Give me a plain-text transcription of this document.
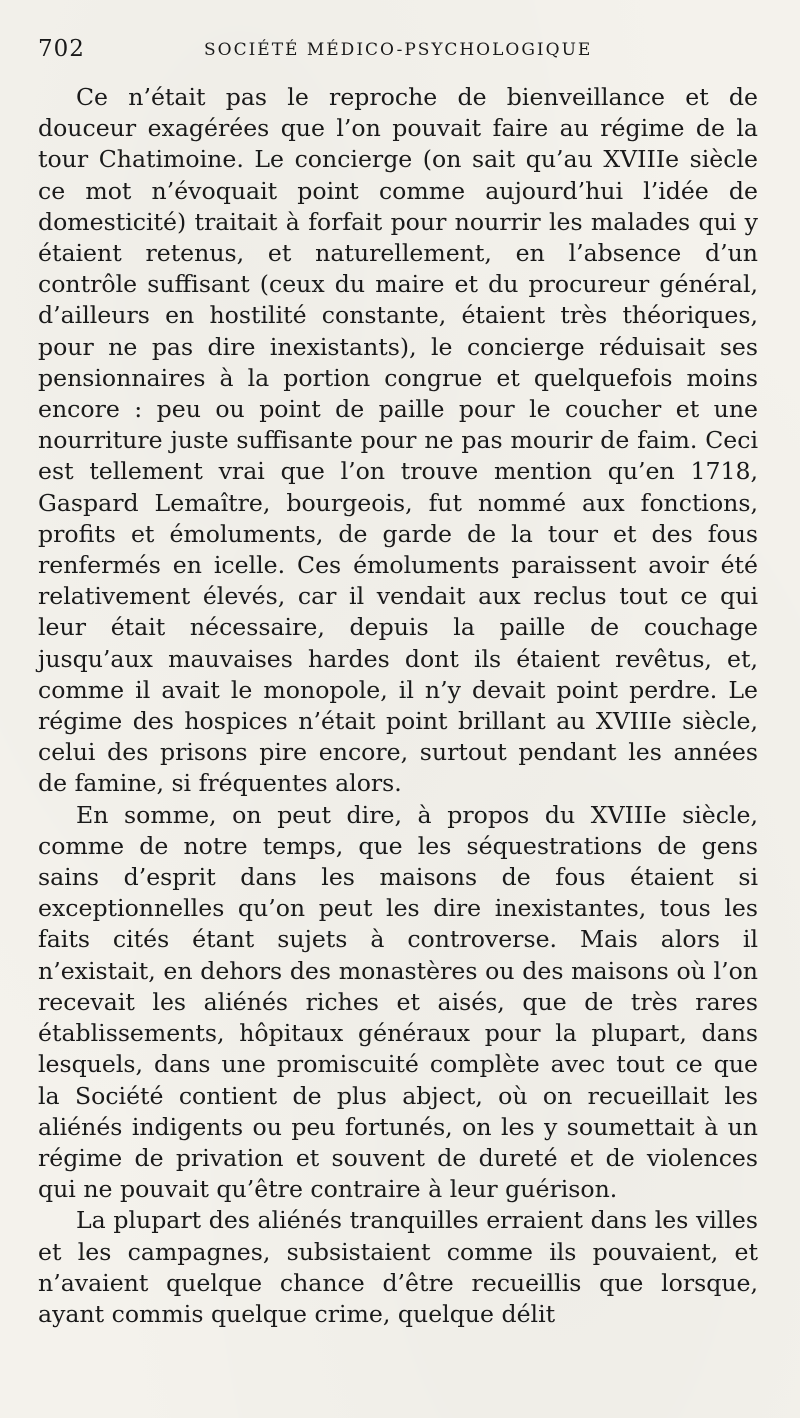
702	SOCIÉTÉ MÉDICO-PSYCHOLOGIQUE

Ce n’était pas le reproche de bienveillance et de douceur exagérées que l’on pouvait faire au régime de la tour Chatimoine. Le concierge (on sait qu’au XVIIIe siècle ce mot n’évoquait point comme aujourd’hui l’idée de domesticité) traitait à forfait pour nourrir les malades qui y étaient retenus, et naturellement, en l’absence d’un contrôle suffisant (ceux du maire et du procureur général, d’ailleurs en hostilité constante, étaient très théoriques, pour ne pas dire inexistants), le concierge réduisait ses pensionnaires à la portion congrue et quelquefois moins encore : peu ou point de paille pour le coucher et une nourriture juste suffisante pour ne pas mourir de faim. Ceci est tellement vrai que l’on trouve mention qu’en 1718, Gaspard Lemaître, bourgeois, fut nommé aux fonctions, profits et émoluments, de garde de la tour et des fous renfermés en icelle. Ces émoluments paraissent avoir été relativement élevés, car il vendait aux reclus tout ce qui leur était nécessaire, depuis la paille de couchage jusqu’aux mauvaises hardes dont ils étaient revêtus, et, comme il avait le monopole, il n’y devait point perdre. Le régime des hospices n’était point brillant au XVIIIe siècle, celui des prisons pire encore, surtout pendant les années de famine, si fréquentes alors.

En somme, on peut dire, à propos du XVIIIe siècle, comme de notre temps, que les séquestrations de gens sains d’esprit dans les maisons de fous étaient si exceptionnelles qu’on peut les dire inexistantes, tous les faits cités étant sujets à controverse. Mais alors il n’existait, en dehors des monastères ou des maisons où l’on recevait les aliénés riches et aisés, que de très rares établissements, hôpitaux généraux pour la plupart, dans lesquels, dans une promiscuité complète avec tout ce que la Société contient de plus abject, où on recueillait les aliénés indigents ou peu fortunés, on les y soumettait à un régime de privation et souvent de dureté et de violences qui ne pouvait qu’être contraire à leur guérison.

La plupart des aliénés tranquilles erraient dans les villes et les campagnes, subsistaient comme ils pouvaient, et n’avaient quelque chance d’être recueillis que lorsque, ayant commis quelque crime, quelque délit
